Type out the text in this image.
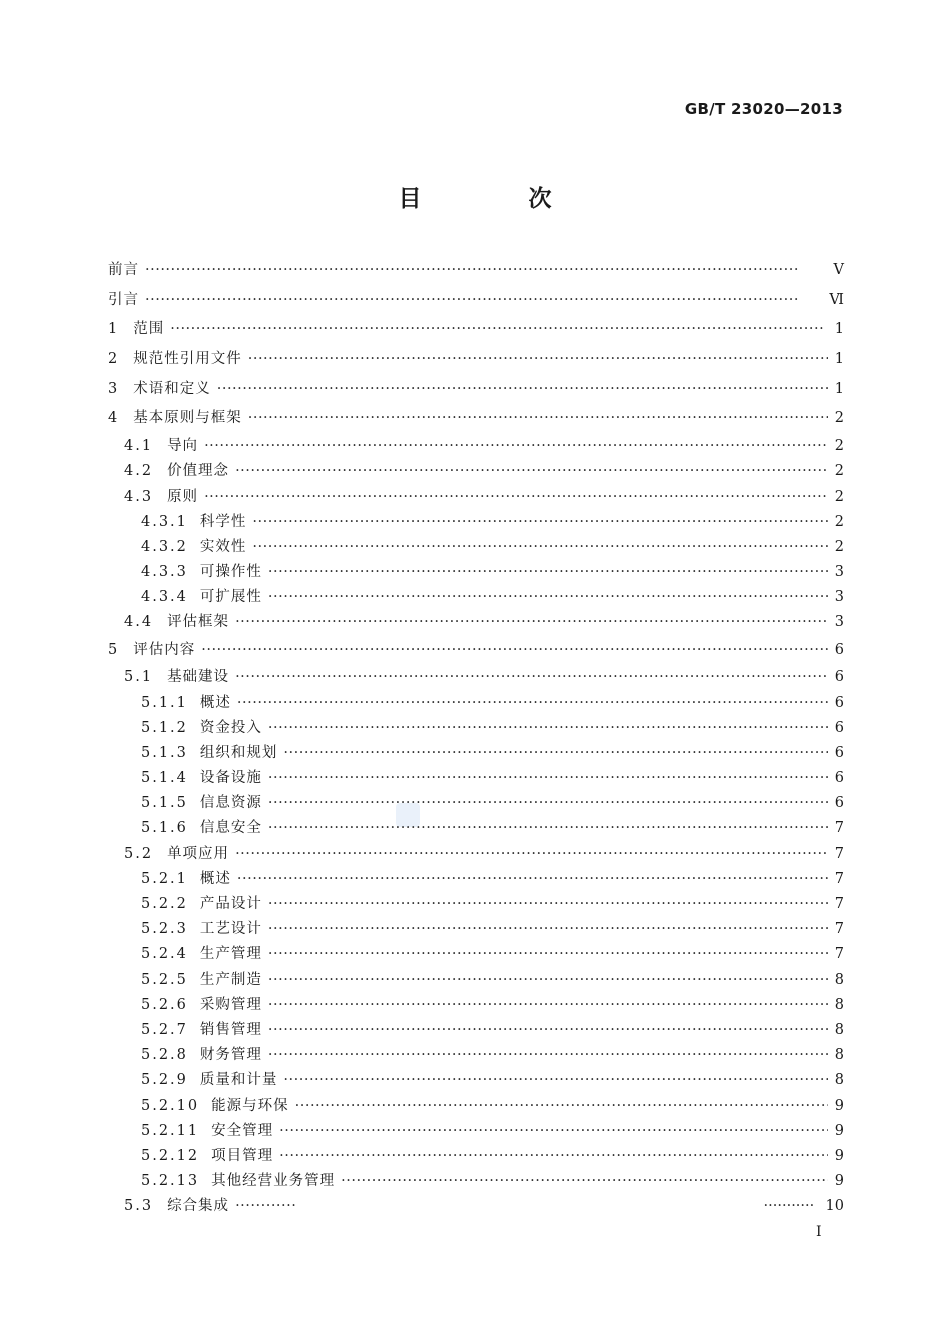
GB/T 23020—2013
目　次
前言 ·····	Ⅴ
引言 ·····	Ⅵ
1 范围 ·····	1
2 规范性引用文件 ·····	1
3 术语和定义 ·····	1
4 基本原则与框架 ·····	2
4.1 导向 ·····	2
4.2 价值理念 ·····	2
4.3 原则 ·····	2
4.3.1 科学性 ·····	2
4.3.2 实效性 ·····	2
4.3.3 可操作性 ·····	3
4.3.4 可扩展性 ·····	3
4.4 评估框架 ·····	3
5 评估内容 ·····	6
5.1 基础建设 ·····	6
5.1.1 概述 ·····	6
5.1.2 资金投入 ·····	6
5.1.3 组织和规划 ·····	6
5.1.4 设备设施 ·····	6
5.1.5 信息资源 ·····	6
5.1.6 信息安全 ·····	7
5.2 单项应用 ·····	7
5.2.1 概述 ·····	7
5.2.2 产品设计 ·····	7
5.2.3 工艺设计 ·····	7
5.2.4 生产管理 ·····	7
5.2.5 生产制造 ·····	8
5.2.6 采购管理 ·····	8
5.2.7 销售管理 ·····	8
5.2.8 财务管理 ·····	8
5.2.9 质量和计量 ·····	8
5.2.10 能源与环保 ·····	9
5.2.11 安全管理 ·····	9
5.2.12 项目管理 ·····	9
5.2.13 其他经营业务管理 ·····	9
5.3 综合集成 ····· ·····	10
Ⅰ
